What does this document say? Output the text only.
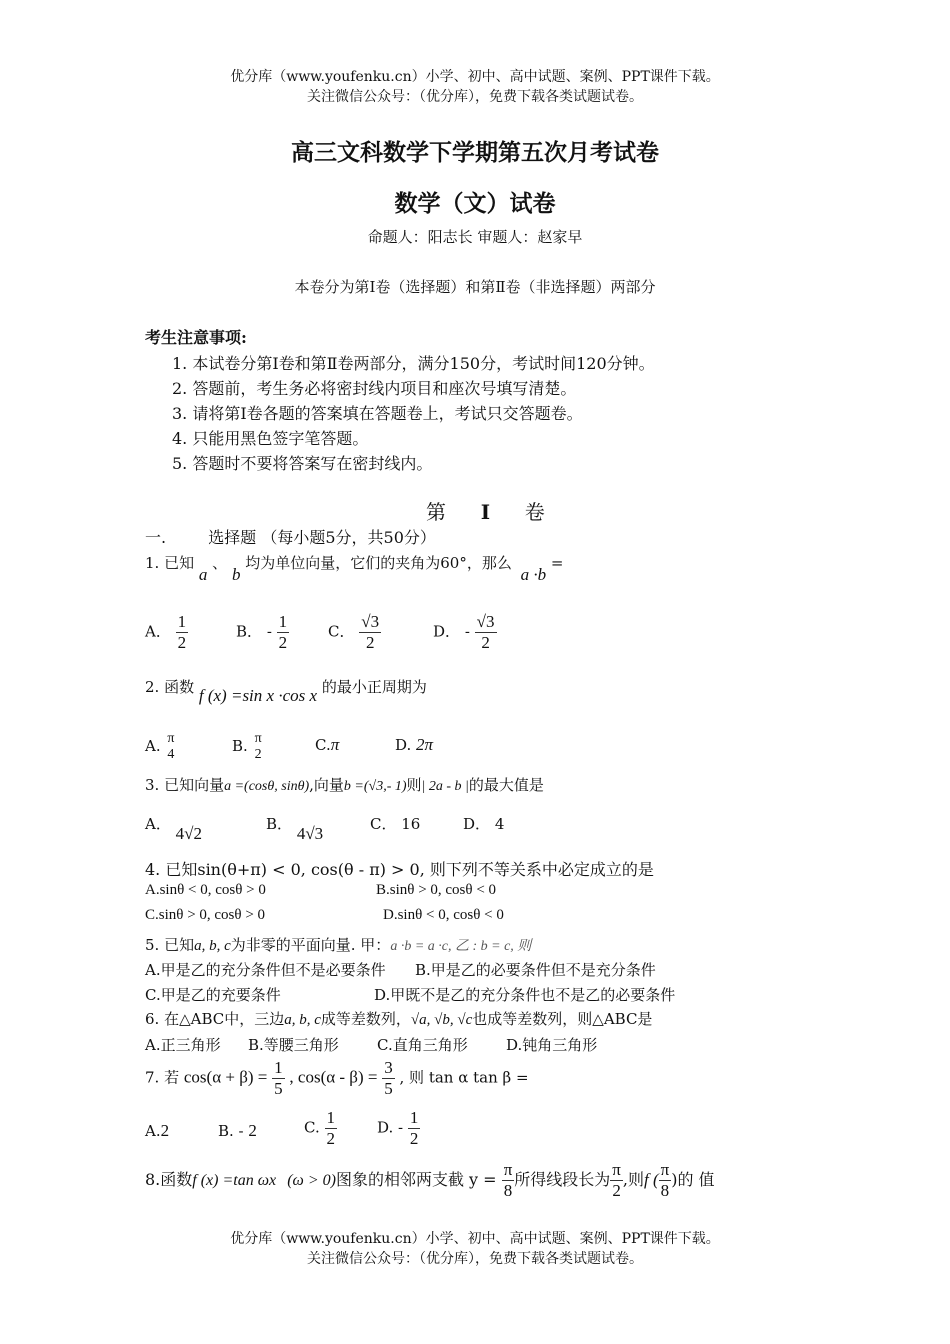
优分库（www.youfenku.cn）小学、初中、高中试题、案例、PPT课件下载。
关注微信公众号：（优分库），免费下载各类试题试卷。
高三文科数学下学期第五次月考试卷
数学（文）试卷
命题人：阳志长 审题人：赵家早
本卷分为第Ⅰ卷（选择题）和第Ⅱ卷（非选择题）两部分
考生注意事项:
1. 本试卷分第Ⅰ卷和第Ⅱ卷两部分，满分150分，考试时间120分钟。
2. 答题前，考生务必将密封线内项目和座次号填写清楚。
3. 请将第Ⅰ卷各题的答案填在答题卷上，考试只交答题卷。
4. 只能用黑色签字笔答题。
5. 答题时不要将答案写在密封线内。
第 I 卷
一.	选择题 （每小题5分，共50分）
1. 已知 a 、 b 均为单位向量，它们的夹角为60°，那么 a ·b =
A． $\frac{1}{2}$	B． - $\frac{1}{2}$	C． $\frac{√3}{2}$	D． - $\frac{√3}{2}$
2. 函数 f (x) =sin x ·cos x 的最小正周期为
A. π
4	B. π
2
C.π	D. 2π
3. 已知向量a =(cosθ, sinθ),向量b =(√3,- 1)则| 2a - b |的最大值是
A． 4√2	B． 4√3	C． 16	D． 4
4. 已知sin(θ+π) < 0, cos(θ - π) > 0, 则下列不等关系中必定成立的是
A.sinθ < 0, cosθ > 0	B.sinθ > 0, cosθ < 0
C.sinθ > 0, cosθ > 0	D.sinθ < 0, cosθ < 0
5. 已知a, b, c为非零的平面向量. 甲：a ·b = a ·c, 乙 : b = c, 则
A.甲是乙的充分条件但不是必要条件 B.甲是乙的必要条件但不是充分条件
C.甲是乙的充要条件	D.甲既不是乙的充分条件也不是乙的必要条件
6. 在△ABC中，三边a, b, c成等差数列，√a, √b, √c也成等差数列，则△ABC是
A.正三角形 B.等腰三角形	C.直角三角形	D.钝角三角形
7. 若 $\cos(\alpha + \beta) = \frac{1}{5}$ , $\cos(\alpha - \beta) = \frac{3}{5}$ , 则 tan α tan β =
A.2	B. - 2	C. $\frac{1}{2}$	D. - $\frac{1}{2}$
8.函数f (x) =tan ωx (ω > 0)图象的相邻两支截 $y = \frac{\pi}{8}$ 所得线段长为 $\frac{\pi}{2}$ ,则f ( $\frac{\pi}{8}$ )的 值
优分库（www.youfenku.cn）小学、初中、高中试题、案例、PPT课件下载。
关注微信公众号：（优分库），免费下载各类试题试卷。
